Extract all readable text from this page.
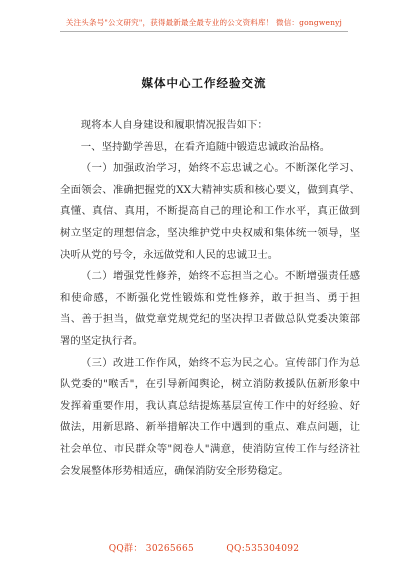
关注头条号"公文研究"，获得最新最全最专业的公文资料库！ 微信：gongwenyj
媒体中心工作经验交流

现将本人自身建设和履职情况报告如下：

一、坚持勤学善思，在看齐追随中锻造忠诚政治品格。

（一）加强政治学习，始终不忘忠诚之心。不断深化学习、全面领会、准确把握党的XX大精神实质和核心要义，做到真学、真懂、真信、真用，不断提高自己的理论和工作水平，真正做到树立坚定的理想信念，坚决维护党中央权威和集体统一领导，坚决听从党的号令，永远做党和人民的忠诚卫士。

（二）增强党性修养，始终不忘担当之心。不断增强责任感和使命感，不断强化党性锻炼和党性修养，敢于担当、勇于担当、善于担当，做党章党规党纪的坚决捍卫者做总队党委决策部署的坚定执行者。

（三）改进工作作风，始终不忘为民之心。宣传部门作为总队党委的"喉舌"，在引导新闻舆论，树立消防救援队伍新形象中发挥着重要作用，我认真总结提炼基层宣传工作中的好经验、好做法，用新思路、新举措解决工作中遇到的重点、难点问题，让社会单位、市民群众等"阅卷人"满意，使消防宣传工作与经济社会发展整体形势相适应，确保消防安全形势稳定。

QQ群： 30265665	QQ:535304092
